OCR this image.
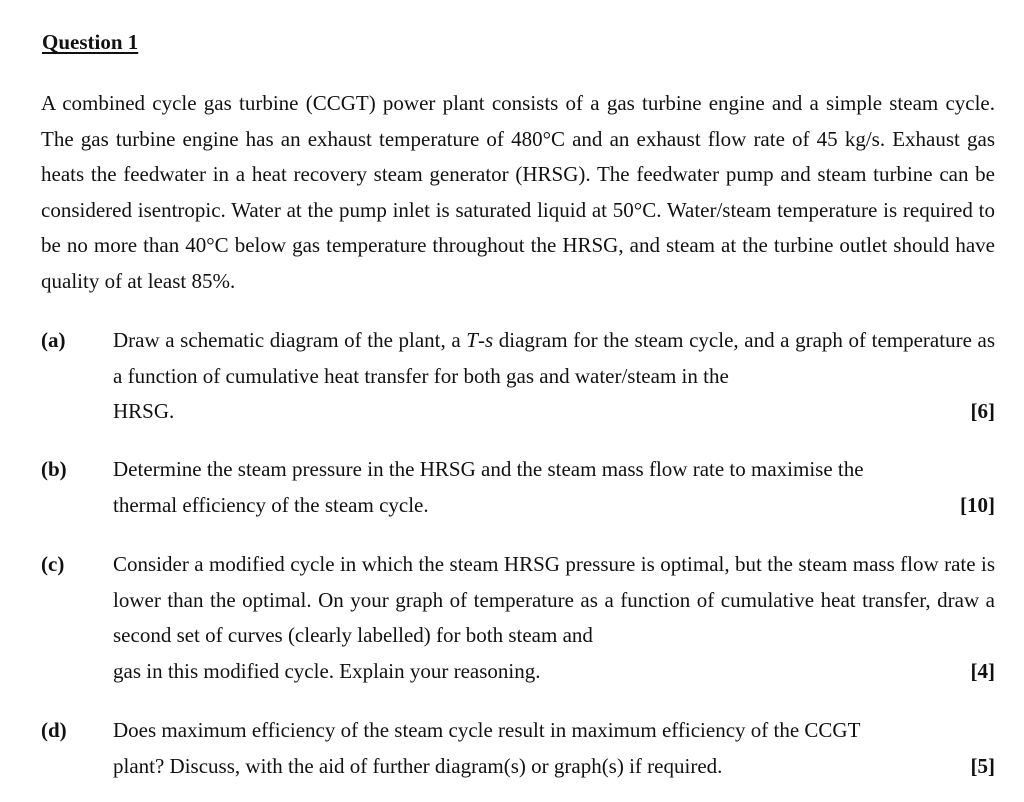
Question 1
A combined cycle gas turbine (CCGT) power plant consists of a gas turbine engine and a simple steam cycle. The gas turbine engine has an exhaust temperature of 480°C and an exhaust flow rate of 45 kg/s. Exhaust gas heats the feedwater in a heat recovery steam generator (HRSG). The feedwater pump and steam turbine can be considered isentropic. Water at the pump inlet is saturated liquid at 50°C. Water/steam temperature is required to be no more than 40°C below gas temperature throughout the HRSG, and steam at the turbine outlet should have quality of at least 85%.
(a) Draw a schematic diagram of the plant, a T-s diagram for the steam cycle, and a graph of temperature as a function of cumulative heat transfer for both gas and water/steam in the
HRSG.	[6]
(b) Determine the steam pressure in the HRSG and the steam mass flow rate to maximise the
thermal efficiency of the steam cycle.	[10]
(c) Consider a modified cycle in which the steam HRSG pressure is optimal, but the steam mass flow rate is lower than the optimal. On your graph of temperature as a function of cumulative heat transfer, draw a second set of curves (clearly labelled) for both steam and
gas in this modified cycle. Explain your reasoning.	[4]
(d) Does maximum efficiency of the steam cycle result in maximum efficiency of the CCGT
plant? Discuss, with the aid of further diagram(s) or graph(s) if required.	[5]
